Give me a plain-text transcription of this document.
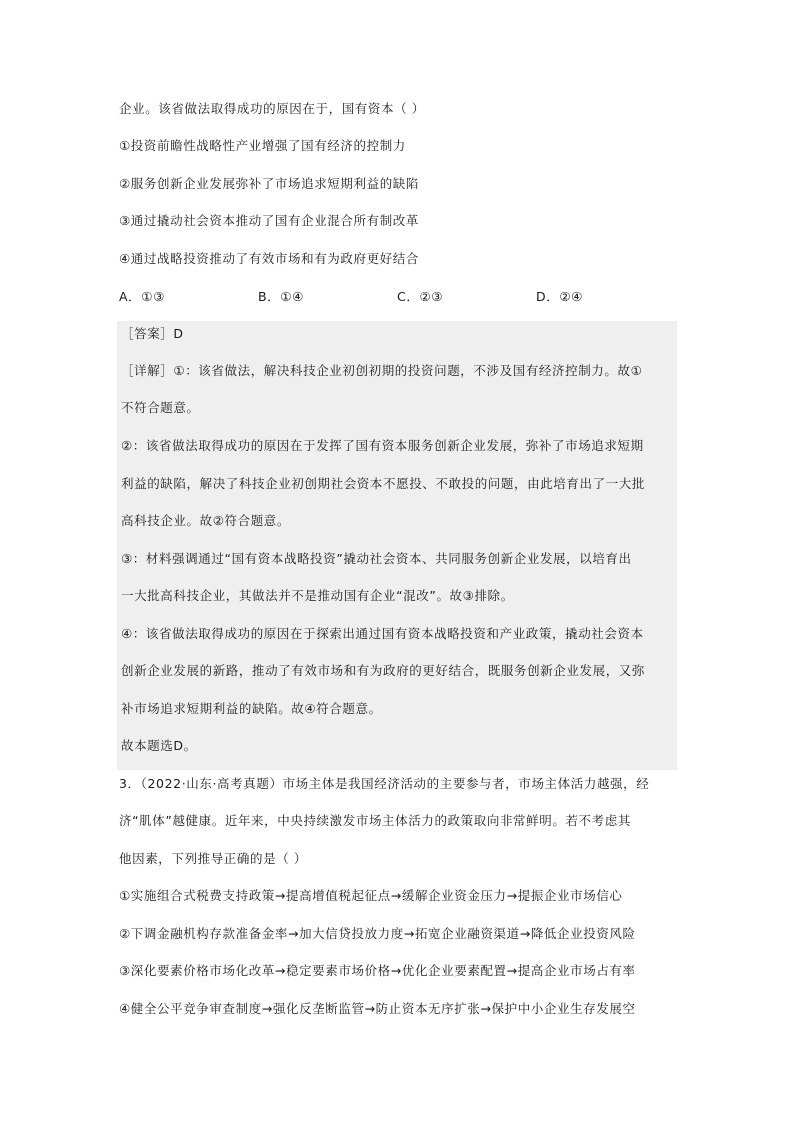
企业。该省做法取得成功的原因在于，国有资本（ ）
①投资前瞻性战略性产业增强了国有经济的控制力
②服务创新企业发展弥补了市场追求短期利益的缺陷
③通过撬动社会资本推动了国有企业混合所有制改革
④通过战略投资推动了有效市场和有为政府更好结合
A．①③	B．①④	C．②③	D．②④
［答案］D
［详解］①：该省做法，解决科技企业初创初期的投资问题，不涉及国有经济控制力。故①
不符合题意。
②：该省做法取得成功的原因在于发挥了国有资本服务创新企业发展，弥补了市场追求短期
利益的缺陷，解决了科技企业初创期社会资本不愿投、不敢投的问题，由此培育出了一大批
高科技企业。故②符合题意。
③：材料强调通过“国有资本战略投资”撬动社会资本、共同服务创新企业发展，以培育出
一大批高科技企业，其做法并不是推动国有企业“混改”。故③排除。
④：该省做法取得成功的原因在于探索出通过国有资本战略投资和产业政策，撬动社会资本
创新企业发展的新路，推动了有效市场和有为政府的更好结合，既服务创新企业发展，又弥
补市场追求短期利益的缺陷。故④符合题意。
故本题选D。
3．（2022·山东·高考真题）市场主体是我国经济活动的主要参与者，市场主体活力越强，经
济“肌体”越健康。近年来，中央持续激发市场主体活力的政策取向非常鲜明。若不考虑其
他因素，下列推导正确的是（ ）
①实施组合式税费支持政策→提高增值税起征点→缓解企业资金压力→提振企业市场信心
②下调金融机构存款准备金率→加大信贷投放力度→拓宽企业融资渠道→降低企业投资风险
③深化要素价格市场化改革→稳定要素市场价格→优化企业要素配置→提高企业市场占有率
④健全公平竞争审查制度→强化反垄断监管→防止资本无序扩张→保护中小企业生存发展空
